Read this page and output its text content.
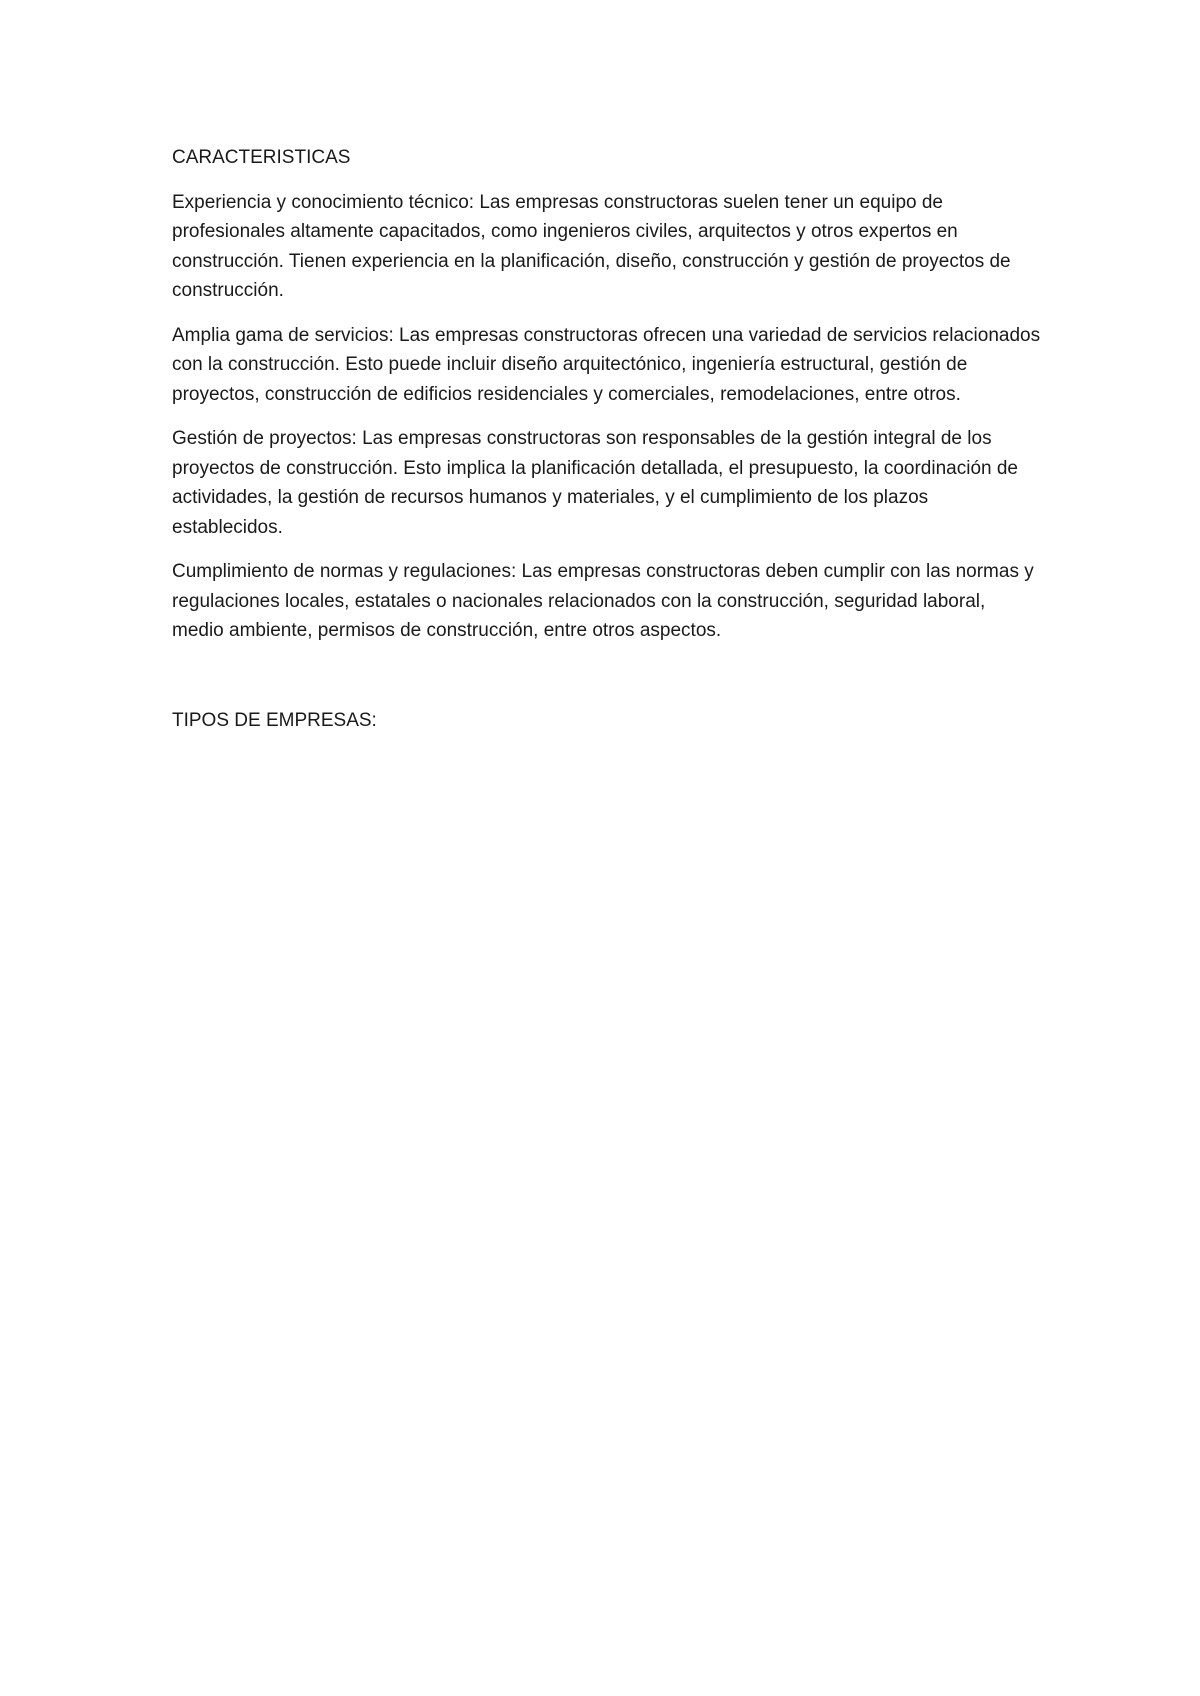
CARACTERISTICAS

Experiencia y conocimiento técnico: Las empresas constructoras suelen tener un equipo de profesionales altamente capacitados, como ingenieros civiles, arquitectos y otros expertos en construcción. Tienen experiencia en la planificación, diseño, construcción y gestión de proyectos de construcción.

Amplia gama de servicios: Las empresas constructoras ofrecen una variedad de servicios relacionados con la construcción. Esto puede incluir diseño arquitectónico, ingeniería estructural, gestión de proyectos, construcción de edificios residenciales y comerciales, remodelaciones, entre otros.

Gestión de proyectos: Las empresas constructoras son responsables de la gestión integral de los proyectos de construcción. Esto implica la planificación detallada, el presupuesto, la coordinación de actividades, la gestión de recursos humanos y materiales, y el cumplimiento de los plazos establecidos.

Cumplimiento de normas y regulaciones: Las empresas constructoras deben cumplir con las normas y regulaciones locales, estatales o nacionales relacionados con la construcción, seguridad laboral, medio ambiente, permisos de construcción, entre otros aspectos.

TIPOS DE EMPRESAS:
